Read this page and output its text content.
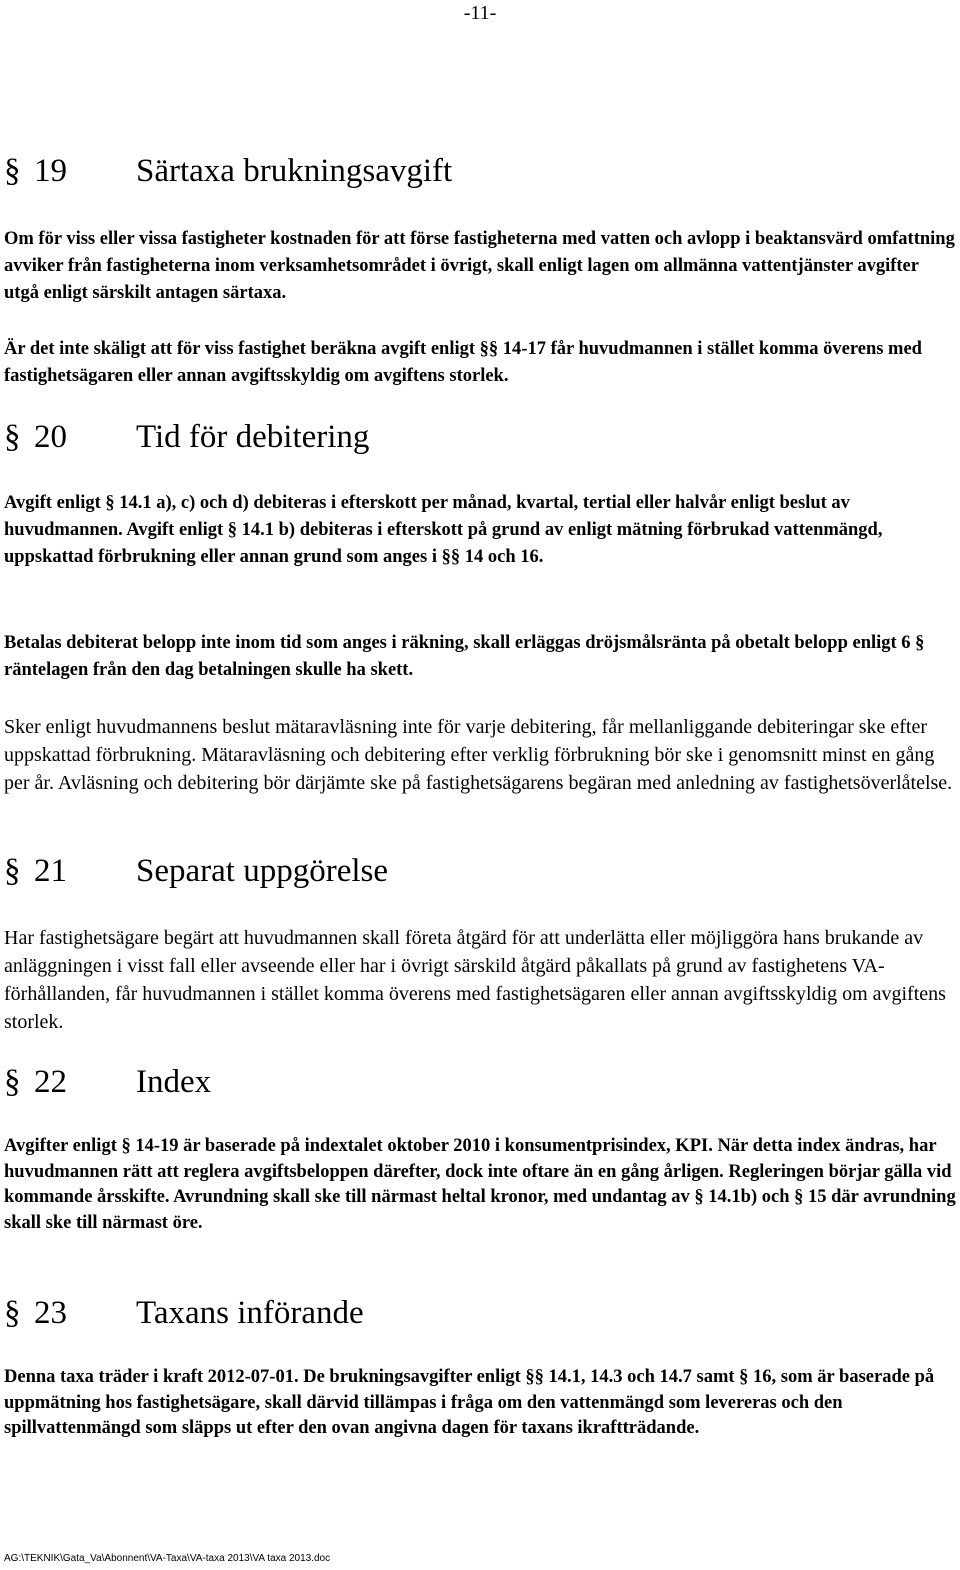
-11-
§ 19 Särtaxa brukningsavgift

Om för viss eller vissa fastigheter kostnaden för att förse fastigheterna med vatten och avlopp i beaktansvärd omfattning avviker från fastigheterna inom verksamhetsområdet i övrigt, skall enligt lagen om allmänna vattentjänster avgifter utgå enligt särskilt antagen särtaxa.

Är det inte skäligt att för viss fastighet beräkna avgift enligt §§ 14-17 får huvudmannen i stället komma överens med fastighetsägaren eller annan avgiftsskyldig om avgiftens storlek.

§ 20 Tid för debitering

Avgift enligt § 14.1 a), c) och d) debiteras i efterskott per månad, kvartal, tertial eller halvår enligt beslut av huvudmannen. Avgift enligt § 14.1 b) debiteras i efterskott på grund av enligt mätning förbrukad vattenmängd, uppskattad förbrukning eller annan grund som anges i §§ 14 och 16.

Betalas debiterat belopp inte inom tid som anges i räkning, skall erläggas dröjsmålsränta på obetalt belopp enligt 6 § räntelagen från den dag betalningen skulle ha skett.

Sker enligt huvudmannens beslut mätaravläsning inte för varje debitering, får mellanliggande debiteringar ske efter uppskattad förbrukning. Mätaravläsning och debitering efter verklig förbrukning bör ske i genomsnitt minst en gång per år. Avläsning och debitering bör därjämte ske på fastighetsägarens begäran med anledning av fastighetsöverlåtelse.

§ 21 Separat uppgörelse

Har fastighetsägare begärt att huvudmannen skall företa åtgärd för att underlätta eller möjliggöra hans brukande av anläggningen i visst fall eller avseende eller har i övrigt särskild åtgärd påkallats på grund av fastighetens VA-förhållanden, får huvudmannen i stället komma överens med fastighetsägaren eller annan avgiftsskyldig om avgiftens storlek.

§ 22 Index

Avgifter enligt § 14-19 är baserade på indextalet oktober 2010 i konsumentprisindex, KPI. När detta index ändras, har huvudmannen rätt att reglera avgiftsbeloppen därefter, dock inte oftare än en gång årligen. Regleringen börjar gälla vid kommande årsskifte. Avrundning skall ske till närmast heltal kronor, med undantag av § 14.1b) och § 15 där avrundning skall ske till närmast öre.

§ 23 Taxans införande

Denna taxa träder i kraft 2012-07-01. De brukningsavgifter enligt §§ 14.1, 14.3 och 14.7 samt § 16, som är baserade på uppmätning hos fastighetsägare, skall därvid tillämpas i fråga om den vattenmängd som levereras och den spillvattenmängd som släpps ut efter den ovan angivna dagen för taxans ikraftträdande.

AG:\TEKNIK\Gata_Va\Abonnent\VA-Taxa\VA-taxa 2013\VA taxa 2013.doc
